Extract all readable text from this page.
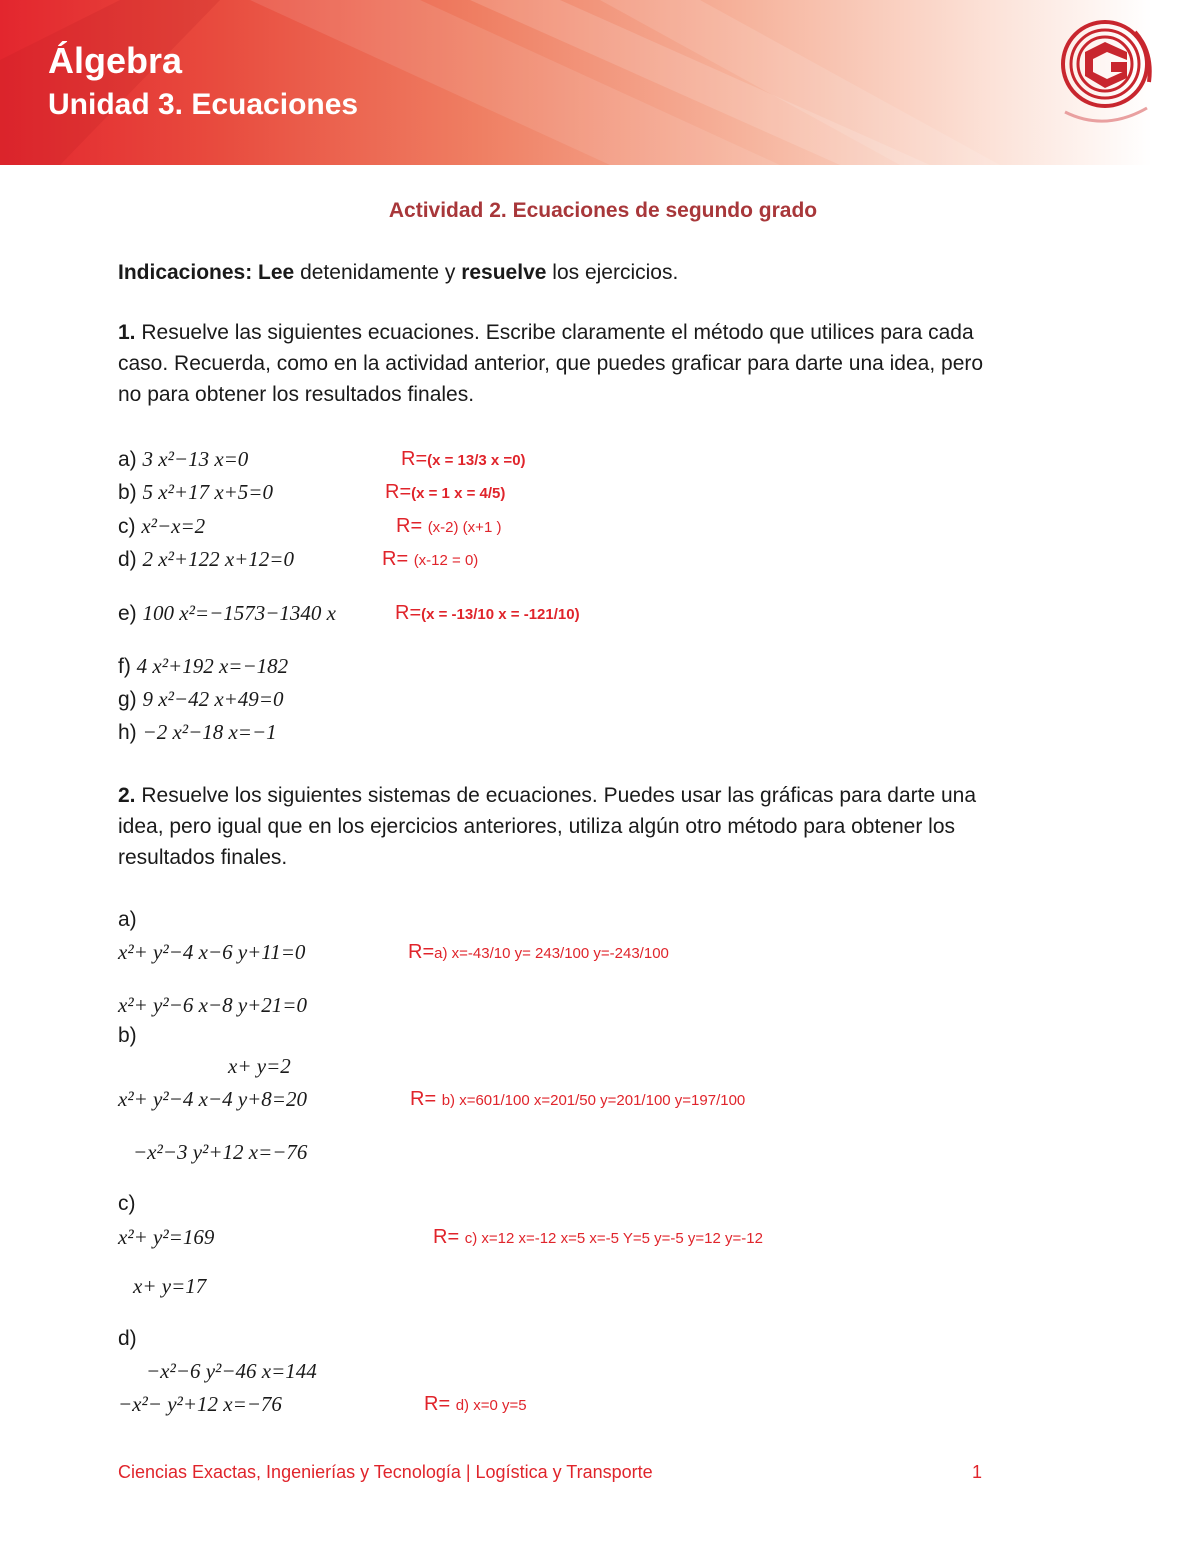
Álgebra
Unidad 3. Ecuaciones
Actividad 2. Ecuaciones de segundo grado
Indicaciones: Lee detenidamente y resuelve los ejercicios.
1. Resuelve las siguientes ecuaciones. Escribe claramente el método que utilices para cada
caso. Recuerda, como en la actividad anterior, que puedes graficar para darte una idea, pero
no para obtener los resultados finales.
a) 3 x²−13 x=0	R=(x = 13/3 x =0)
b) 5 x²+17 x+5=0	R=(x = 1 x = 4/5)
c) x²−x=2	R= (x-2) (x+1 )
d) 2 x²+122 x+12=0	R= (x-12 = 0)
e) 100 x²=−1573−1340 x	R=(x = -13/10 x = -121/10)
f) 4 x²+192 x=−182
g) 9 x²−42 x+49=0
h) −2 x²−18 x=−1
2. Resuelve los siguientes sistemas de ecuaciones. Puedes usar las gráficas para darte una
idea, pero igual que en los ejercicios anteriores, utiliza algún otro método para obtener los
resultados finales.
a)
x²+ y²−4 x−6 y+11=0	R=a) x=-43/10 y= 243/100 y=-243/100
x²+ y²−6 x−8 y+21=0
b)
x+ y=2
x²+ y²−4 x−4 y+8=20	R= b) x=601/100 x=201/50 y=201/100 y=197/100
−x²−3 y²+12 x=−76
c)
x²+ y²=169	R= c) x=12 x=-12 x=5 x=-5 Y=5 y=-5 y=12 y=-12
x+ y=17
d)
−x²−6 y²−46 x=144
−x²− y²+12 x=−76	R= d) x=0 y=5
Ciencias Exactas, Ingenierías y Tecnología | Logística y Transporte	1
